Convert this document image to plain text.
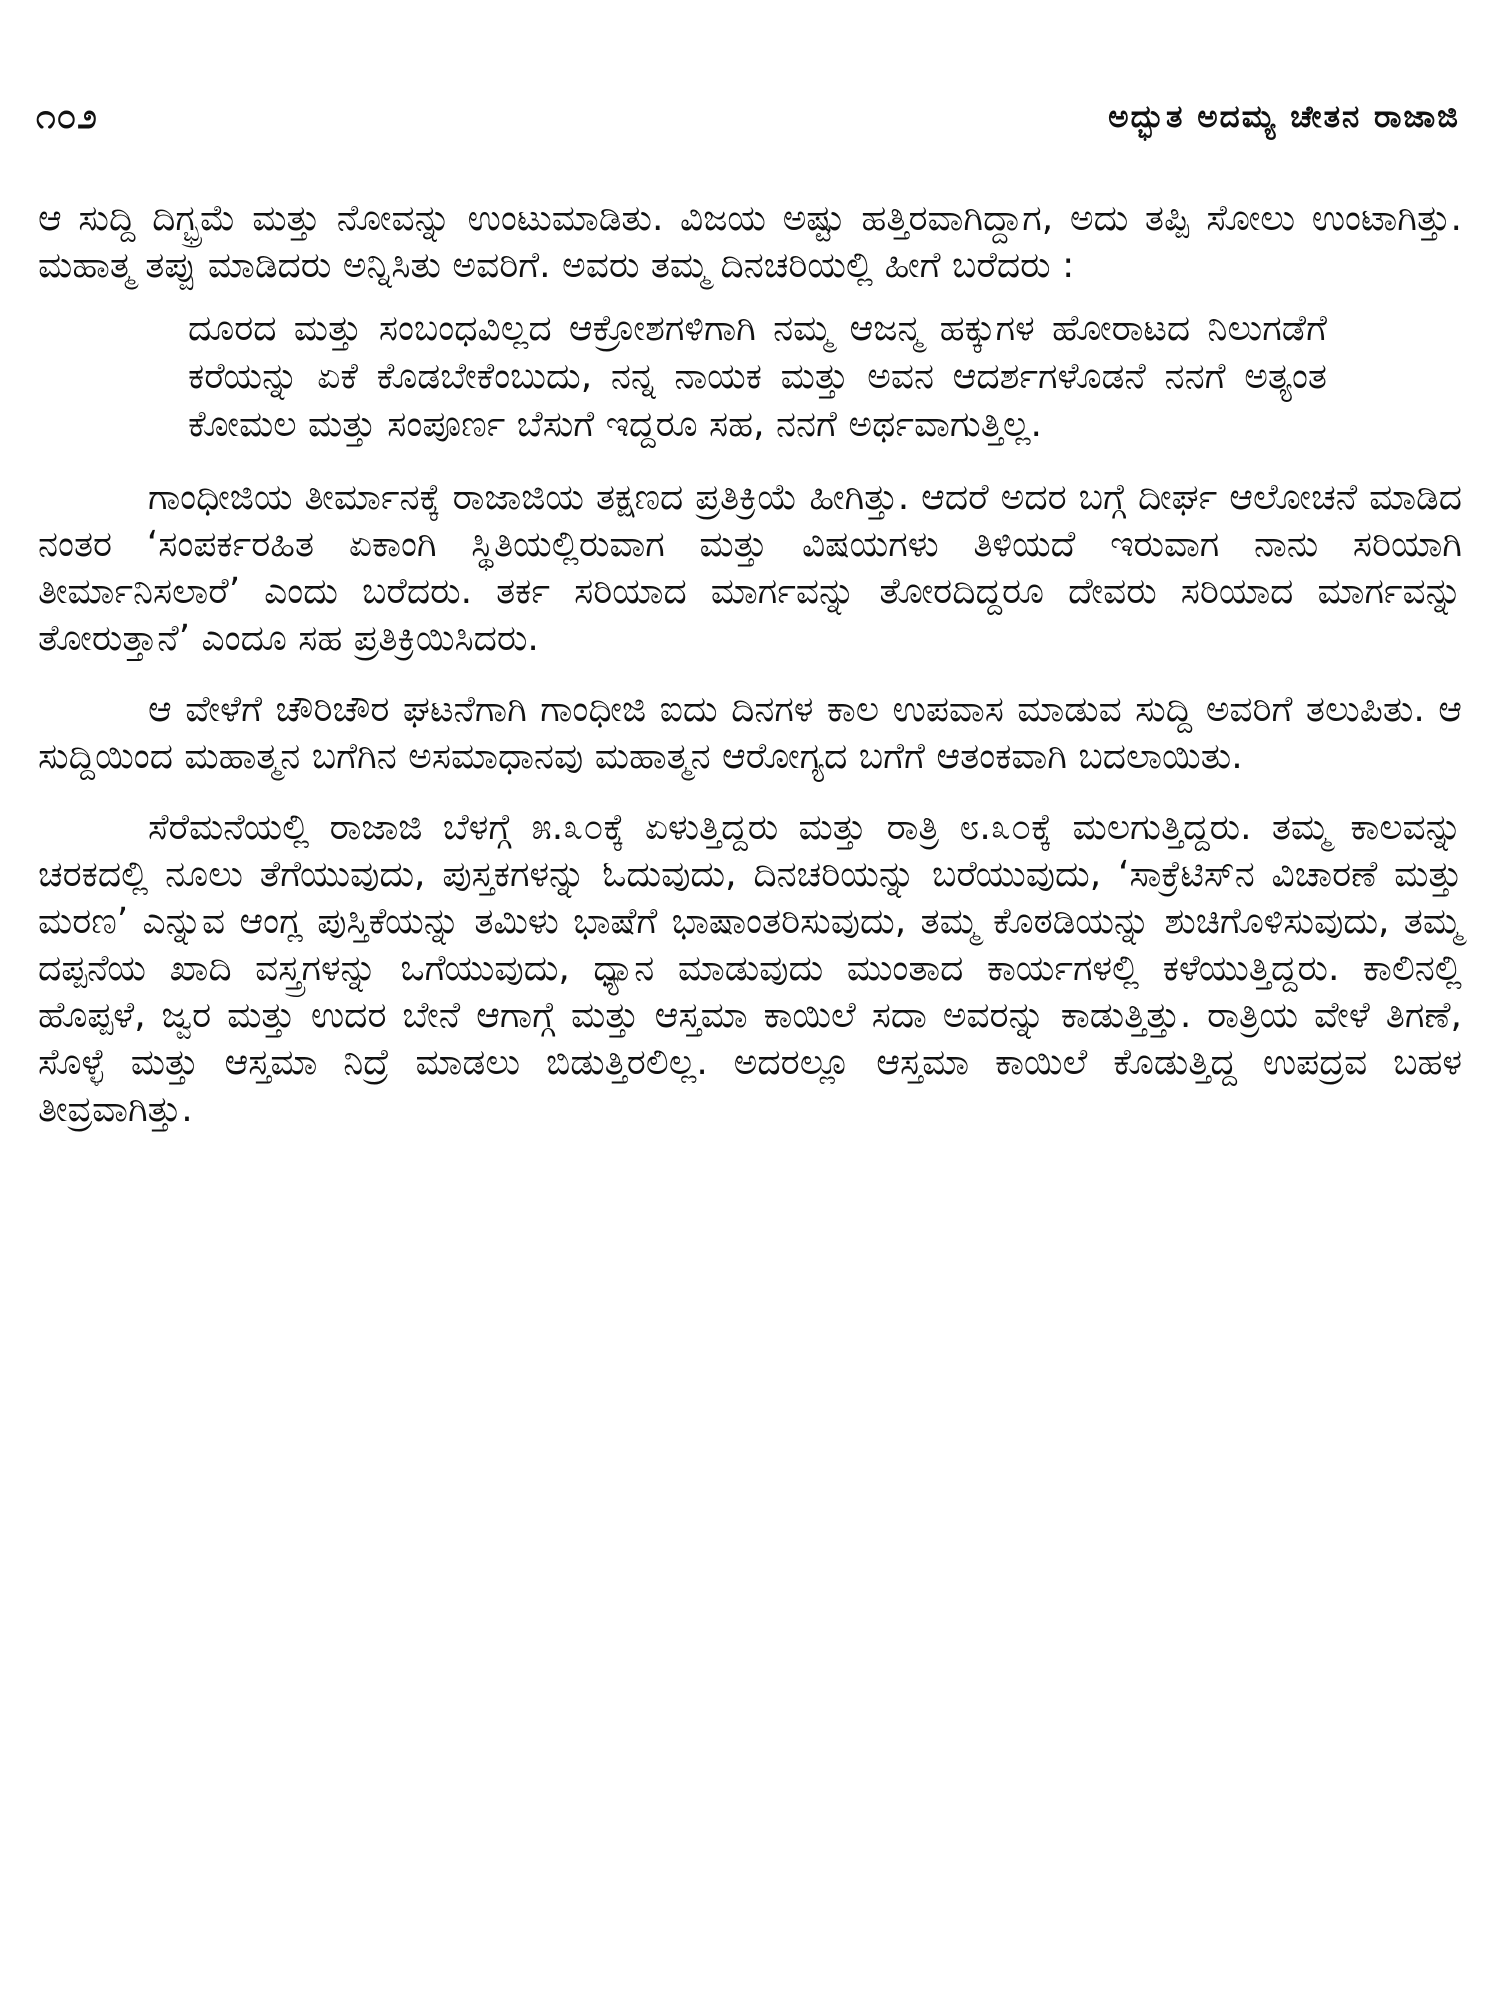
೧೦೨	ಅದ್ಭುತ ಅದಮ್ಯ ಚೇತನ ರಾಜಾಜಿ

ಆ ಸುದ್ದಿ ದಿಗ್ಭ್ರಮೆ ಮತ್ತು ನೋವನ್ನು ಉಂಟುಮಾಡಿತು. ವಿಜಯ ಅಷ್ಟು ಹತ್ತಿರವಾಗಿದ್ದಾಗ, ಅದು ತಪ್ಪಿ ಸೋಲು ಉಂಟಾಗಿತ್ತು. ಮಹಾತ್ಮ ತಪ್ಪು ಮಾಡಿದರು ಅನ್ನಿಸಿತು ಅವರಿಗೆ. ಅವರು ತಮ್ಮ ದಿನಚರಿಯಲ್ಲಿ ಹೀಗೆ ಬರೆದರು :

ದೂರದ ಮತ್ತು ಸಂಬಂಧವಿಲ್ಲದ ಆಕ್ರೋಶಗಳಿಗಾಗಿ ನಮ್ಮ ಆಜನ್ಮ ಹಕ್ಕುಗಳ ಹೋರಾಟದ ನಿಲುಗಡೆಗೆ ಕರೆಯನ್ನು ಏಕೆ ಕೊಡಬೇಕೆಂಬುದು, ನನ್ನ ನಾಯಕ ಮತ್ತು ಅವನ ಆದರ್ಶಗಳೊಡನೆ ನನಗೆ ಅತ್ಯಂತ ಕೋಮಲ ಮತ್ತು ಸಂಪೂರ್ಣ ಬೆಸುಗೆ ಇದ್ದರೂ ಸಹ, ನನಗೆ ಅರ್ಥವಾಗುತ್ತಿಲ್ಲ.

ಗಾಂಧೀಜಿಯ ತೀರ್ಮಾನಕ್ಕೆ ರಾಜಾಜಿಯ ತಕ್ಷಣದ ಪ್ರತಿಕ್ರಿಯೆ ಹೀಗಿತ್ತು. ಆದರೆ ಅದರ ಬಗ್ಗೆ ದೀರ್ಘ ಆಲೋಚನೆ ಮಾಡಿದ ನಂತರ ‘ಸಂಪರ್ಕರಹಿತ ಏಕಾಂಗಿ ಸ್ಥಿತಿಯಲ್ಲಿರುವಾಗ ಮತ್ತು ವಿಷಯಗಳು ತಿಳಿಯದೆ ಇರುವಾಗ ನಾನು ಸರಿಯಾಗಿ ತೀರ್ಮಾನಿಸಲಾರೆ’ ಎಂದು ಬರೆದರು. ತರ್ಕ ಸರಿಯಾದ ಮಾರ್ಗವನ್ನು ತೋರದಿದ್ದರೂ ದೇವರು ಸರಿಯಾದ ಮಾರ್ಗವನ್ನು ತೋರುತ್ತಾನೆ’ ಎಂದೂ ಸಹ ಪ್ರತಿಕ್ರಿಯಿಸಿದರು.

ಆ ವೇಳೆಗೆ ಚೌರಿಚೌರ ಘಟನೆಗಾಗಿ ಗಾಂಧೀಜಿ ಐದು ದಿನಗಳ ಕಾಲ ಉಪವಾಸ ಮಾಡುವ ಸುದ್ದಿ ಅವರಿಗೆ ತಲುಪಿತು. ಆ ಸುದ್ದಿಯಿಂದ ಮಹಾತ್ಮನ ಬಗೆಗಿನ ಅಸಮಾಧಾನವು ಮಹಾತ್ಮನ ಆರೋಗ್ಯದ ಬಗೆಗೆ ಆತಂಕವಾಗಿ ಬದಲಾಯಿತು.

ಸೆರೆಮನೆಯಲ್ಲಿ ರಾಜಾಜಿ ಬೆಳಗ್ಗೆ ೫.೩೦ಕ್ಕೆ ಏಳುತ್ತಿದ್ದರು ಮತ್ತು ರಾತ್ರಿ ೮.೩೦ಕ್ಕೆ ಮಲಗುತ್ತಿದ್ದರು. ತಮ್ಮ ಕಾಲವನ್ನು ಚರಕದಲ್ಲಿ ನೂಲು ತೆಗೆಯುವುದು, ಪುಸ್ತಕಗಳನ್ನು ಓದುವುದು, ದಿನಚರಿಯನ್ನು ಬರೆಯುವುದು, ‘ಸಾಕ್ರೆಟಿಸ್‌ನ ವಿಚಾರಣೆ ಮತ್ತು ಮರಣ’ ಎನ್ನುವ ಆಂಗ್ಲ ಪುಸ್ತಿಕೆಯನ್ನು ತಮಿಳು ಭಾಷೆಗೆ ಭಾಷಾಂತರಿಸುವುದು, ತಮ್ಮ ಕೊಠಡಿಯನ್ನು ಶುಚಿಗೊಳಿಸುವುದು, ತಮ್ಮ ದಪ್ಪನೆಯ ಖಾದಿ ವಸ್ತ್ರಗಳನ್ನು ಒಗೆಯುವುದು, ಧ್ಯಾನ ಮಾಡುವುದು ಮುಂತಾದ ಕಾರ್ಯಗಳಲ್ಲಿ ಕಳೆಯುತ್ತಿದ್ದರು. ಕಾಲಿನಲ್ಲಿ ಹೊಪ್ಪಳೆ, ಜ್ವರ ಮತ್ತು ಉದರ ಬೇನೆ ಆಗಾಗ್ಗೆ ಮತ್ತು ಆಸ್ತಮಾ ಕಾಯಿಲೆ ಸದಾ ಅವರನ್ನು ಕಾಡುತ್ತಿತ್ತು. ರಾತ್ರಿಯ ವೇಳೆ ತಿಗಣೆ, ಸೊಳ್ಳೆ ಮತ್ತು ಆಸ್ತಮಾ ನಿದ್ರೆ ಮಾಡಲು ಬಿಡುತ್ತಿರಲಿಲ್ಲ. ಅದರಲ್ಲೂ ಆಸ್ತಮಾ ಕಾಯಿಲೆ ಕೊಡುತ್ತಿದ್ದ ಉಪದ್ರವ ಬಹಳ ತೀವ್ರವಾಗಿತ್ತು.
